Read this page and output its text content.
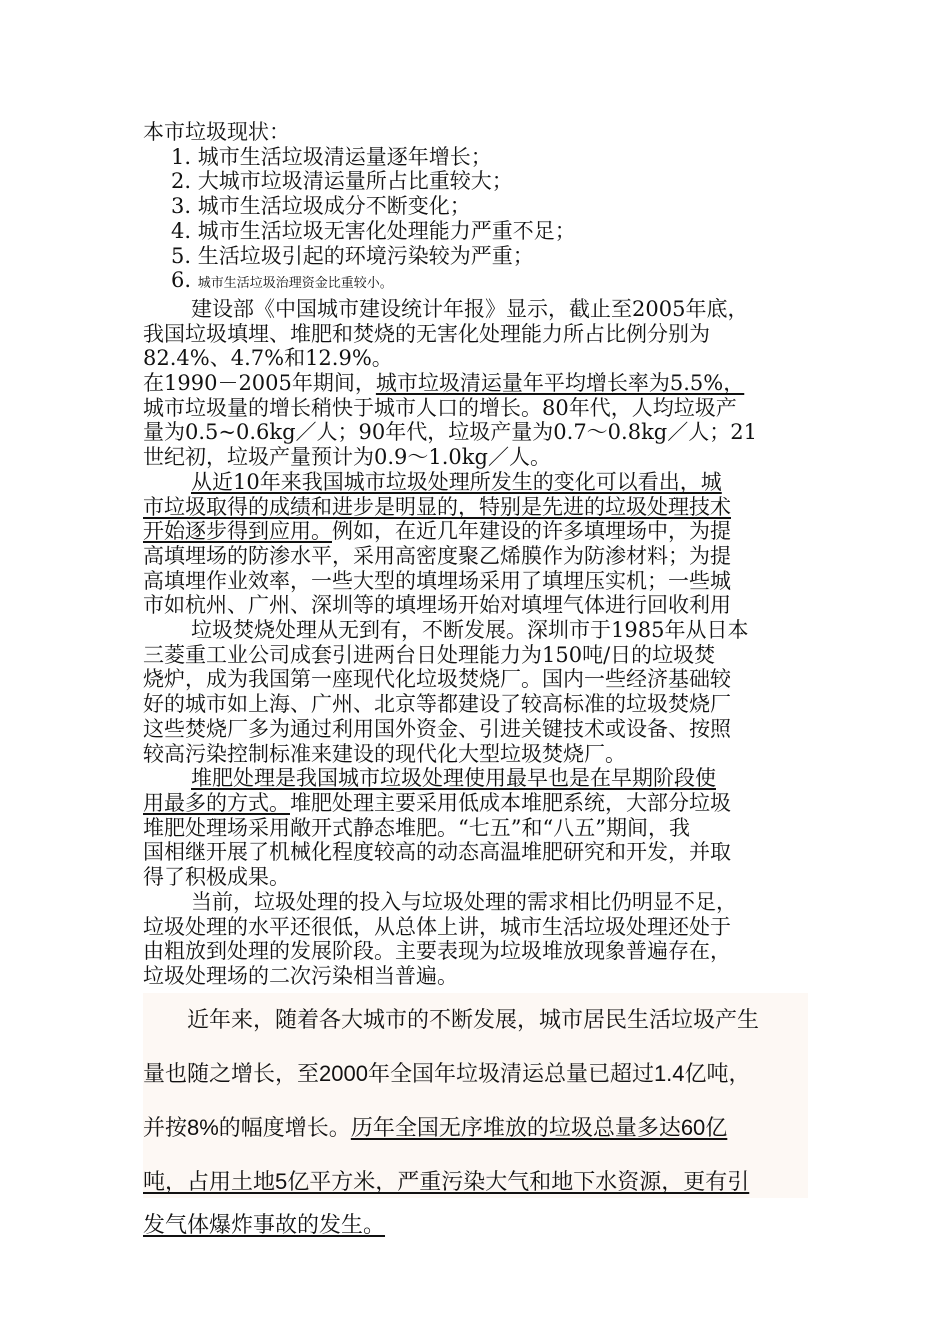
本市垃圾现状：
1. 城市生活垃圾清运量逐年增长；
2. 大城市垃圾清运量所占比重较大；
3. 城市生活垃圾成分不断变化；
4. 城市生活垃圾无害化处理能力严重不足；
5. 生活垃圾引起的环境污染较为严重；
6. 城市生活垃圾治理资金比重较小。
建设部《中国城市建设统计年报》显示，截止至2005年底，
我国垃圾填埋、堆肥和焚烧的无害化处理能力所占比例分别为
82.4%、4.7%和12.9%。
在1990－2005年期间，城市垃圾清运量年平均增长率为5.5%，
城市垃圾量的增长稍快于城市人口的增长。80年代，人均垃圾产
量为0.5~0.6kg／人；90年代，垃圾产量为0.7～0.8kg／人；21
世纪初，垃圾产量预计为0.9～1.0kg／人。
从近10年来我国城市垃圾处理所发生的变化可以看出，城
市垃圾取得的成绩和进步是明显的，特别是先进的垃圾处理技术
开始逐步得到应用。例如，在近几年建设的许多填埋场中，为提
高填埋场的防渗水平，采用高密度聚乙烯膜作为防渗材料；为提
高填埋作业效率，一些大型的填埋场采用了填埋压实机；一些城
市如杭州、广州、深圳等的填埋场开始对填埋气体进行回收利用
垃圾焚烧处理从无到有，不断发展。深圳市于1985年从日本
三菱重工业公司成套引进两台日处理能力为150吨/日的垃圾焚
烧炉，成为我国第一座现代化垃圾焚烧厂。国内一些经济基础较
好的城市如上海、广州、北京等都建设了较高标准的垃圾焚烧厂
这些焚烧厂多为通过利用国外资金、引进关键技术或设备、按照
较高污染控制标准来建设的现代化大型垃圾焚烧厂。
堆肥处理是我国城市垃圾处理使用最早也是在早期阶段使
用最多的方式。堆肥处理主要采用低成本堆肥系统，大部分垃圾
堆肥处理场采用敞开式静态堆肥。“七五”和“八五”期间，我
国相继开展了机械化程度较高的动态高温堆肥研究和开发，并取
得了积极成果。
当前，垃圾处理的投入与垃圾处理的需求相比仍明显不足，
垃圾处理的水平还很低，从总体上讲，城市生活垃圾处理还处于
由粗放到处理的发展阶段。主要表现为垃圾堆放现象普遍存在，
垃圾处理场的二次污染相当普遍。
近年来，随着各大城市的不断发展，城市居民生活垃圾产生
量也随之增长，至2000年全国年垃圾清运总量已超过1.4亿吨，
并按8%的幅度增长。历年全国无序堆放的垃圾总量多达60亿
吨，占用土地5亿平方米，严重污染大气和地下水资源，更有引
发气体爆炸事故的发生。
